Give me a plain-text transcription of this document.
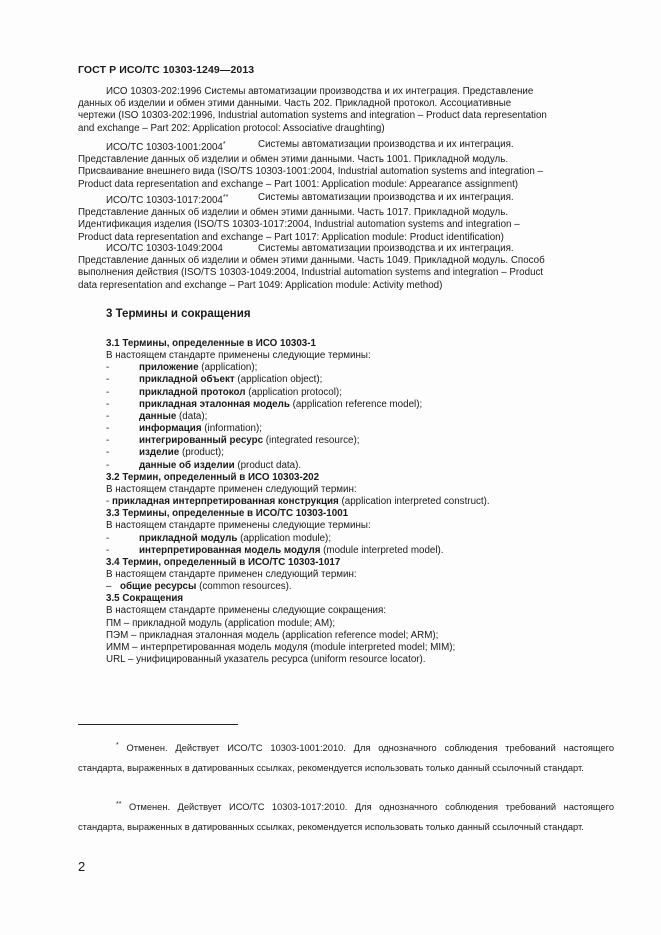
ГОСТ Р ИСО/ТС 10303-1249—2013

ИСО 10303-202:1996 Системы автоматизации производства и их интеграция. Представление

данных об изделии и обмен этими данными. Часть 202. Прикладной протокол. Ассоциативные

чертежи (ISO 10303-202:1996, Industrial automation systems and integration – Product data representation

and exchange – Part 202: Application protocol: Associative draughting)

ИСО/ТС 10303-1001:2004*	Системы автоматизации производства и их интеграция.

Представление данных об изделии и обмен этими данными. Часть 1001. Прикладной модуль.

Присваивание внешнего вида (ISO/TS 10303-1001:2004, Industrial automation systems and integration –

Product data representation and exchange – Part 1001: Application module: Appearance assignment)

ИСО/ТС 10303-1017:2004**	Системы автоматизации производства и их интеграция.

Представление данных об изделии и обмен этими данными. Часть 1017. Прикладной модуль.

Идентификация изделия (ISO/TS 10303-1017:2004, Industrial automation systems and integration –

Product data representation and exchange – Part 1017: Application module: Product identification)

ИСО/ТС 10303-1049:2004	Системы автоматизации производства и их интеграция.

Представление данных об изделии и обмен этими данными. Часть 1049. Прикладной модуль. Способ

выполнения действия (ISO/TS 10303-1049:2004, Industrial automation systems and integration – Product

data representation and exchange – Part 1049: Application module: Activity method)

3 Термины и сокращения
3.1 Термины, определенные в ИСО 10303-1
В настоящем стандарте применены следующие термины:
-	приложение (application);
-	прикладной объект (application object);
-	прикладной протокол (application protocol);
-	прикладная эталонная модель (application reference model);
-	данные (data);
-	информация (information);
-	интегрированный ресурс (integrated resource);
-	изделие (product);
-	данные об изделии (product data).
3.2 Термин, определенный в ИСО 10303-202
В настоящем стандарте применен следующий термин:
- прикладная интерпретированная конструкция (application interpreted construct).
3.3 Термины, определенные в ИСО/ТС 10303-1001
В настоящем стандарте применены следующие термины:
-	прикладной модуль (application module);
-	интерпретированная модель модуля (module interpreted model).
3.4 Термин, определенный в ИСО/ТС 10303-1017
В настоящем стандарте применен следующий термин:
– общие ресурсы (common resources).
3.5 Сокращения
В настоящем стандарте применены следующие сокращения:
ПМ – прикладной модуль (application module; AM);
ПЭМ – прикладная эталонная модель (application reference model; ARM);
ИММ – интерпретированная модель модуля (module interpreted model; MIM);
URL – унифицированный указатель ресурса (uniform resource locator).
* Отменен. Действует ИСО/ТС 10303-1001:2010. Для однозначного соблюдения требований настоящего стандарта, выраженных в датированных ссылках, рекомендуется использовать только данный ссылочный стандарт.
** Отменен. Действует ИСО/ТС 10303-1017:2010. Для однозначного соблюдения требований настоящего стандарта, выраженных в датированных ссылках, рекомендуется использовать только данный ссылочный стандарт.
2
